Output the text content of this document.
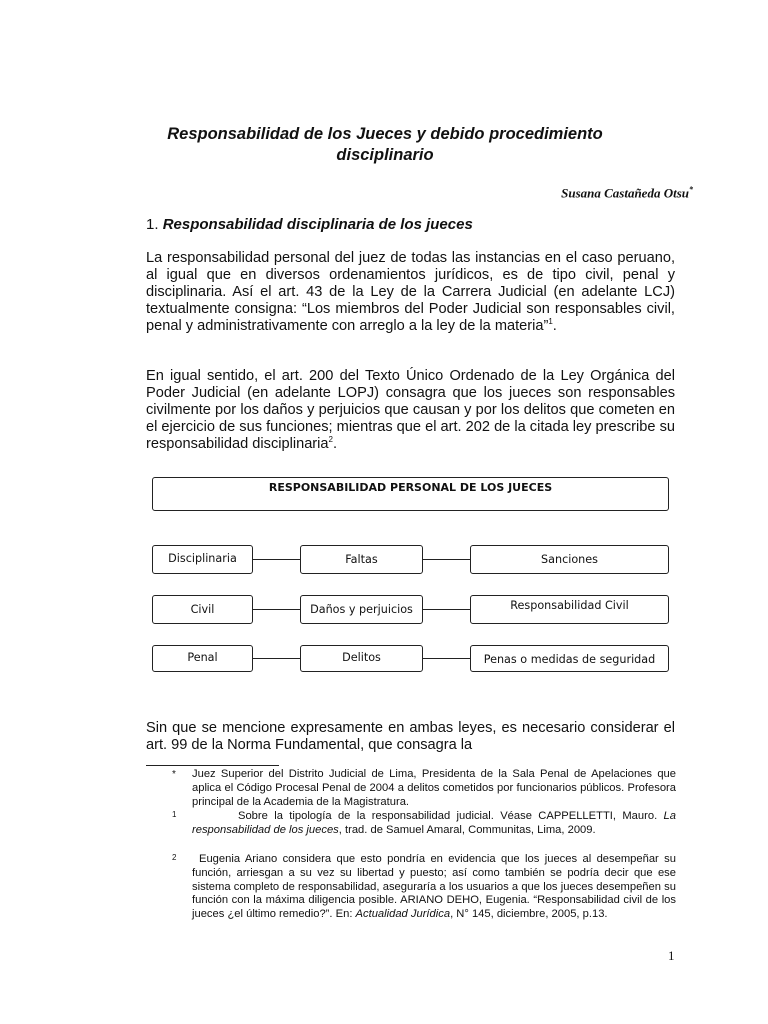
Responsabilidad de los Jueces y debido procedimiento disciplinario
Susana Castañeda Otsu*
1. Responsabilidad disciplinaria de los jueces

La responsabilidad personal del juez de todas las instancias en el caso peruano, al igual que en diversos ordenamientos jurídicos, es de tipo civil, penal y disciplinaria. Así el art. 43 de la Ley de la Carrera Judicial (en adelante LCJ) textualmente consigna: “Los miembros del Poder Judicial son responsables civil, penal y administrativamente con arreglo a la ley de la materia”$^1$.

En igual sentido, el art. 200 del Texto Único Ordenado de la Ley Orgánica del Poder Judicial (en adelante LOPJ) consagra que los jueces son responsables civilmente por los daños y perjuicios que causan y por los delitos que cometen en el ejercicio de sus funciones; mientras que el art. 202 de la citada ley prescribe su responsabilidad disciplinaria$^2$.

RESPONSABILIDAD PERSONAL DE LOS JUECES
Disciplinaria	Faltas	Sanciones
Civil	Daños y perjuicios	Responsabilidad Civil
Penal	Delitos	Penas o medidas de seguridad

Sin que se mencione expresamente en ambas leyes, es necesario considerar el art. 99 de la Norma Fundamental, que consagra la

* Juez Superior del Distrito Judicial de Lima, Presidenta de la Sala Penal de Apelaciones que aplica el Código Procesal Penal de 2004 a delitos cometidos por funcionarios públicos. Profesora principal de la Academia de la Magistratura.
1	Sobre la tipología de la responsabilidad judicial. Véase CAPPELLETTI, Mauro. La responsabilidad de los jueces, trad. de Samuel Amaral, Communitas, Lima, 2009.
2	Eugenia Ariano considera que esto pondría en evidencia que los jueces al desempeñar su función, arriesgan a su vez su libertad y puesto; así como también se podría decir que ese sistema completo de responsabilidad, aseguraría a los usuarios a que los jueces desempeñen su función con la máxima diligencia posible. ARIANO DEHO, Eugenia. “Responsabilidad civil de los jueces ¿el último remedio?”. En: Actualidad Jurídica, N° 145, diciembre, 2005, p.13.
1
